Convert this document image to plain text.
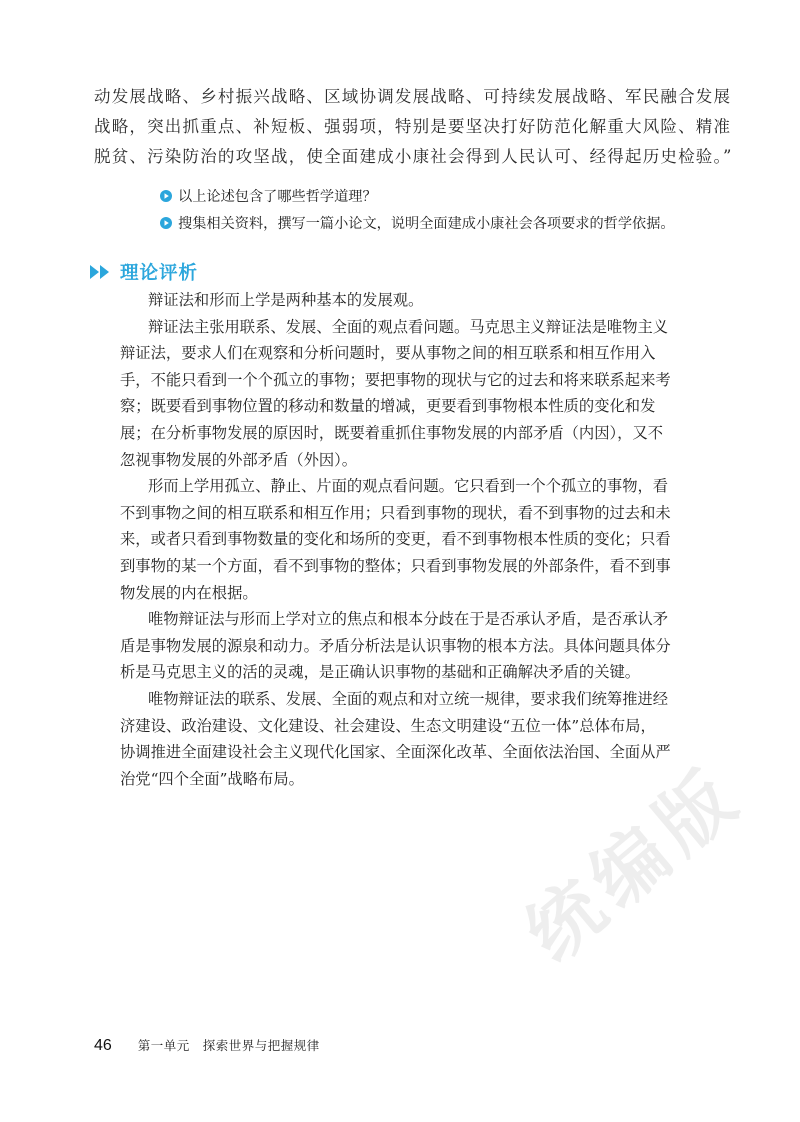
动发展战略、乡村振兴战略、区域协调发展战略、可持续发展战略、军民融合发展
战略，突出抓重点、补短板、强弱项，特别是要坚决打好防范化解重大风险、精准
脱贫、污染防治的攻坚战，使全面建成小康社会得到人民认可、经得起历史检验。”
以上论述包含了哪些哲学道理？
搜集相关资料，撰写一篇小论文，说明全面建成小康社会各项要求的哲学依据。
理论评析
辩证法和形而上学是两种基本的发展观。
辩证法主张用联系、发展、全面的观点看问题。马克思主义辩证法是唯物主义
辩证法，要求人们在观察和分析问题时，要从事物之间的相互联系和相互作用入
手，不能只看到一个个孤立的事物；要把事物的现状与它的过去和将来联系起来考
察；既要看到事物位置的移动和数量的增减，更要看到事物根本性质的变化和发
展；在分析事物发展的原因时，既要着重抓住事物发展的内部矛盾（内因），又不
忽视事物发展的外部矛盾（外因）。
形而上学用孤立、静止、片面的观点看问题。它只看到一个个孤立的事物，看
不到事物之间的相互联系和相互作用；只看到事物的现状，看不到事物的过去和未
来，或者只看到事物数量的变化和场所的变更，看不到事物根本性质的变化；只看
到事物的某一个方面，看不到事物的整体；只看到事物发展的外部条件，看不到事
物发展的内在根据。
唯物辩证法与形而上学对立的焦点和根本分歧在于是否承认矛盾，是否承认矛
盾是事物发展的源泉和动力。矛盾分析法是认识事物的根本方法。具体问题具体分
析是马克思主义的活的灵魂，是正确认识事物的基础和正确解决矛盾的关键。
唯物辩证法的联系、发展、全面的观点和对立统一规律，要求我们统筹推进经
济建设、政治建设、文化建设、社会建设、生态文明建设“五位一体”总体布局，
协调推进全面建设社会主义现代化国家、全面深化改革、全面依法治国、全面从严
治党“四个全面”战略布局。	统编版
46 第一单元　探索世界与把握规律
